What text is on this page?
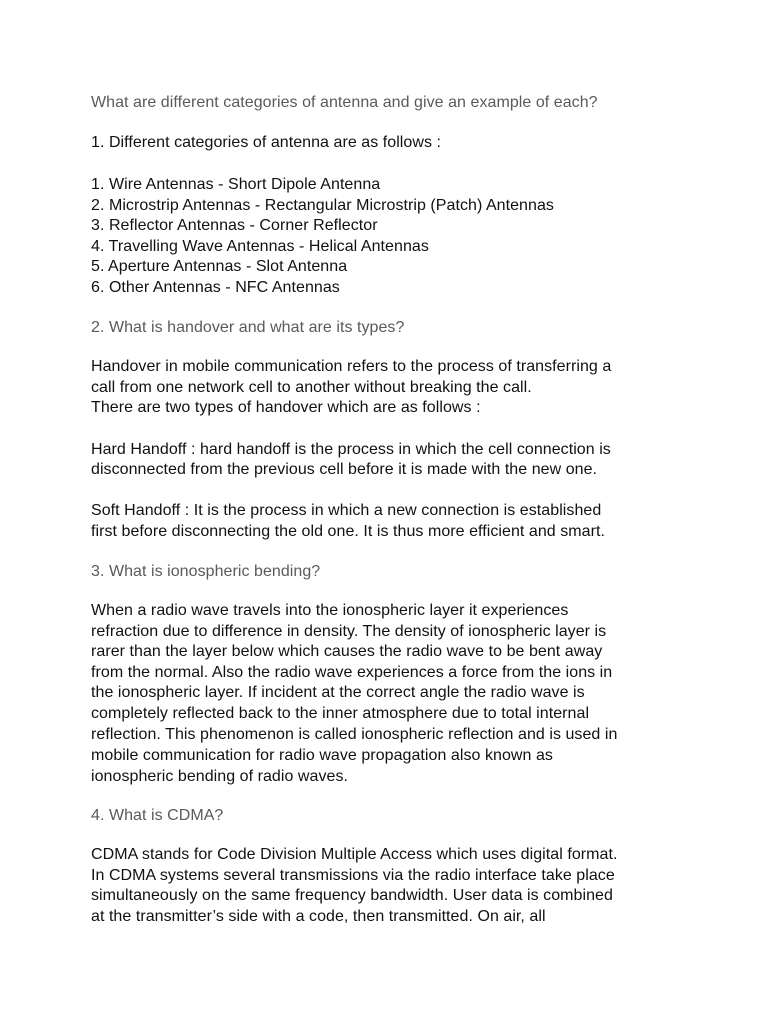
What are different categories of antenna and give an example of each?

1. Different categories of antenna are as follows :

1. Wire Antennas - Short Dipole Antenna

2. Microstrip Antennas - Rectangular Microstrip (Patch) Antennas

3. Reflector Antennas - Corner Reflector

4. Travelling Wave Antennas - Helical Antennas

5. Aperture Antennas - Slot Antenna

6. Other Antennas - NFC Antennas

2. What is handover and what are its types?

Handover in mobile communication refers to the process of transferring a

call from one network cell to another without breaking the call.

There are two types of handover which are as follows :

Hard Handoff : hard handoff is the process in which the cell connection is

disconnected from the previous cell before it is made with the new one.

Soft Handoff : It is the process in which a new connection is established

first before disconnecting the old one. It is thus more efficient and smart.

3. What is ionospheric bending?

When a radio wave travels into the ionospheric layer it experiences

refraction due to difference in density. The density of ionospheric layer is

rarer than the layer below which causes the radio wave to be bent away

from the normal. Also the radio wave experiences a force from the ions in

the ionospheric layer. If incident at the correct angle the radio wave is

completely reflected back to the inner atmosphere due to total internal

reflection. This phenomenon is called ionospheric reflection and is used in

mobile communication for radio wave propagation also known as

ionospheric bending of radio waves.

4. What is CDMA?

CDMA stands for Code Division Multiple Access which uses digital format.

In CDMA systems several transmissions via the radio interface take place

simultaneously on the same frequency bandwidth. User data is combined

at the transmitter’s side with a code, then transmitted. On air, all
